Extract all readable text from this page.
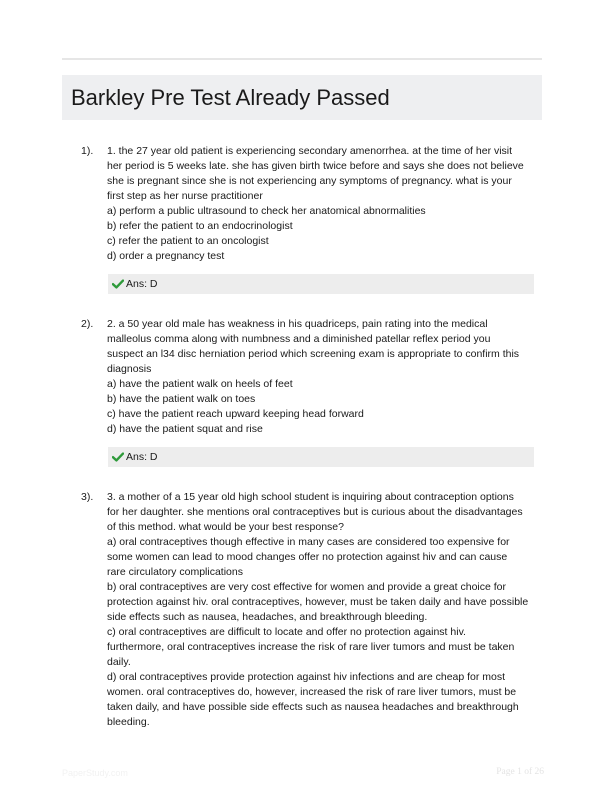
Barkley Pre Test Already Passed
1). 1. the 27 year old patient is experiencing secondary amenorrhea. at the time of her visit
her period is 5 weeks late. she has given birth twice before and says she does not believe
she is pregnant since she is not experiencing any symptoms of pregnancy. what is your
first step as her nurse practitioner
a) perform a public ultrasound to check her anatomical abnormalities
b) refer the patient to an endocrinologist
c) refer the patient to an oncologist
d) order a pregnancy test
Ans: D
2). 2. a 50 year old male has weakness in his quadriceps, pain rating into the medical
malleolus comma along with numbness and a diminished patellar reflex period you
suspect an l34 disc herniation period which screening exam is appropriate to confirm this
diagnosis
a) have the patient walk on heels of feet
b) have the patient walk on toes
c) have the patient reach upward keeping head forward
d) have the patient squat and rise
Ans: D
3). 3. a mother of a 15 year old high school student is inquiring about contraception options
for her daughter. she mentions oral contraceptives but is curious about the disadvantages
of this method. what would be your best response?
a) oral contraceptives though effective in many cases are considered too expensive for
some women can lead to mood changes offer no protection against hiv and can cause
rare circulatory complications
b) oral contraceptives are very cost effective for women and provide a great choice for
protection against hiv. oral contraceptives, however, must be taken daily and have possible
side effects such as nausea, headaches, and breakthrough bleeding.
c) oral contraceptives are difficult to locate and offer no protection against hiv.
furthermore, oral contraceptives increase the risk of rare liver tumors and must be taken
daily.
d) oral contraceptives provide protection against hiv infections and are cheap for most
women. oral contraceptives do, however, increased the risk of rare liver tumors, must be
taken daily, and have possible side effects such as nausea headaches and breakthrough
bleeding.
PaperStudy.com	Page 1 of 26
